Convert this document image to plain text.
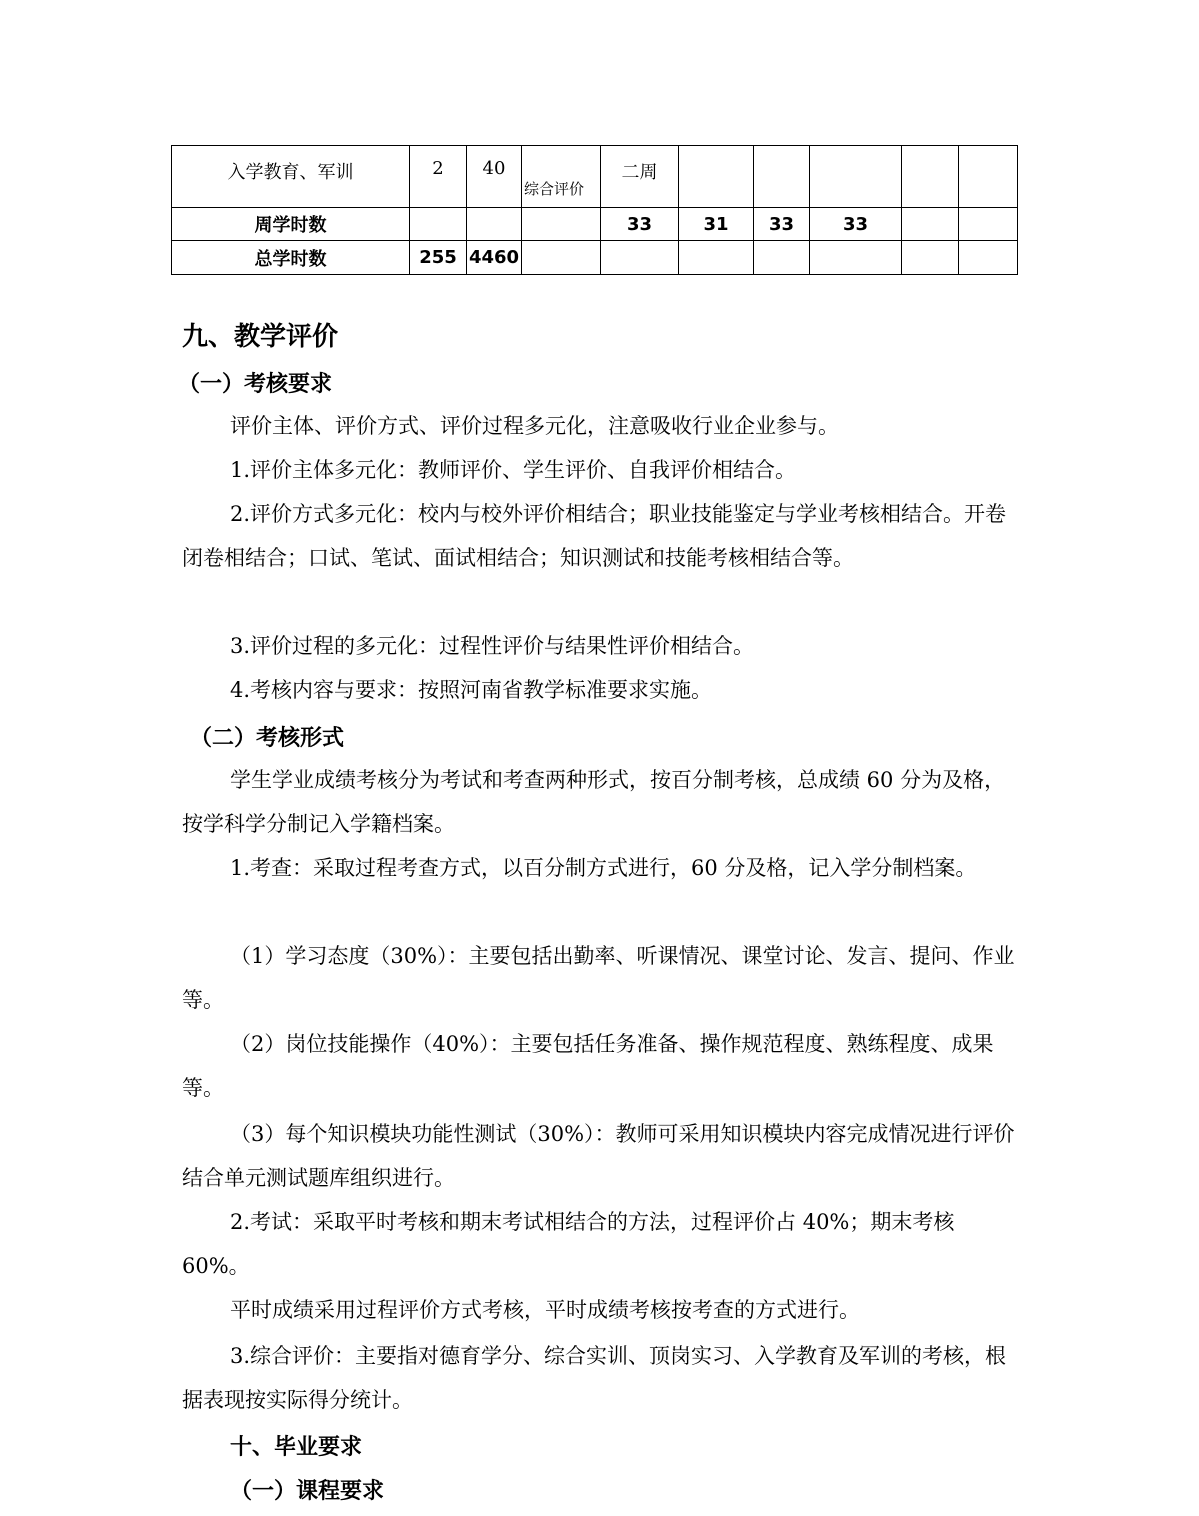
入学教育、军训	2	40	综合评价	二周					
周学时数				33	31	33	33		
总学时数	255	4460							
九、教学评价
（一）考核要求

评价主体、评价方式、评价过程多元化，注意吸收行业企业参与。

1.评价主体多元化：教师评价、学生评价、自我评价相结合。

2.评价方式多元化：校内与校外评价相结合；职业技能鉴定与学业考核相结合。开卷闭卷相结合；口试、笔试、面试相结合；知识测试和技能考核相结合等。

3.评价过程的多元化：过程性评价与结果性评价相结合。

4.考核内容与要求：按照河南省教学标准要求实施。

（二）考核形式

学生学业成绩考核分为考试和考查两种形式，按百分制考核，总成绩 60 分为及格，按学科学分制记入学籍档案。

1.考查：采取过程考查方式，以百分制方式进行，60 分及格，记入学分制档案。

（1）学习态度（30%）：主要包括出勤率、听课情况、课堂讨论、发言、提问、作业等。

（2）岗位技能操作（40%）：主要包括任务准备、操作规范程度、熟练程度、成果等。

（3）每个知识模块功能性测试（30%）：教师可采用知识模块内容完成情况进行评价结合单元测试题库组织进行。

2.考试：采取平时考核和期末考试相结合的方法，过程评价占 40%；期末考核 60%。

平时成绩采用过程评价方式考核，平时成绩考核按考查的方式进行。

3.综合评价：主要指对德育学分、综合实训、顶岗实习、入学教育及军训的考核，根据表现按实际得分统计。

十、毕业要求
（一）课程要求
